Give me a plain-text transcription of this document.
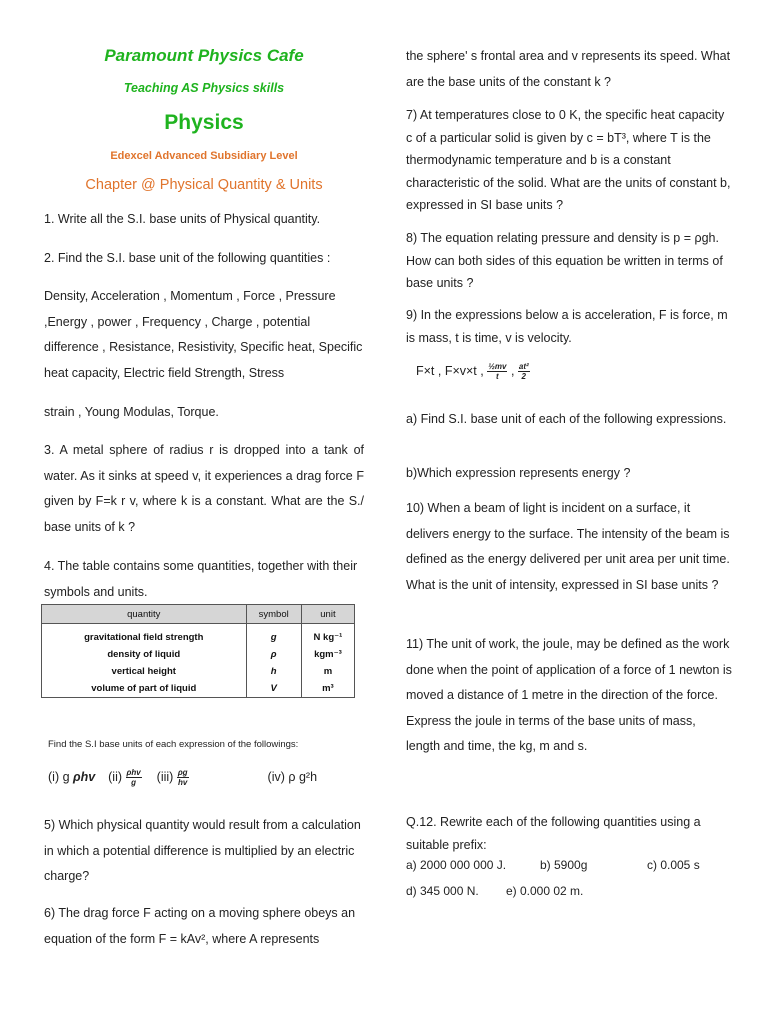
Paramount Physics Cafe
Teaching AS Physics skills
Physics
Edexcel Advanced Subsidiary Level
Chapter @ Physical Quantity & Units
1. Write all the S.I. base units of Physical quantity.
2. Find the S.I. base unit of the following quantities :
Density, Acceleration , Momentum , Force , Pressure ,Energy , power , Frequency , Charge , potential difference , Resistance, Resistivity, Specific heat, Specific heat capacity, Electric field Strength, Stress
strain , Young Modulas, Torque.
3. A metal sphere of radius r is dropped into a tank of water. As it sinks at speed v, it experiences a drag force F given by F=k r v, where k is a constant. What are the S./ base units of k ?
4. The table contains some quantities, together with their symbols and units.
quantity	symbol	unit
gravitational field strength	g	N kg⁻¹
density of liquid	ρ	kgm⁻³
vertical height	h	m
volume of part of liquid	V	m³
Find the S.I base units of each expression of the followings:
(i) g ρhv $(ii) \frac{\text{ρhv}}{g} (iii) \frac{\rho g}{hv}$	(iv) ρ g²h
5) Which physical quantity would result from a calculation in which a potential difference is multiplied by an electric charge?
6) The drag force F acting on a moving sphere obeys an equation of the form F = kAv², where A represents
the sphere' s frontal area and v represents its speed. What are the base units of the constant k ?
7) At temperatures close to 0 K, the specific heat capacity c of a particular solid is given by c = bT³, where T is the thermodynamic temperature and b is a constant characteristic of the solid. What are the units of constant b, expressed in SI base units ?
8) The equation relating pressure and density is p = ρgh. How can both sides of this equation be written in terms of base units ?
9) In the expressions below a is acceleration, F is force, m is mass, t is time, v is velocity.
F×t , F×v×t , $\frac{\text{½mv}}{t}$ , $\frac{\text{at²}}{2}$
a) Find S.I. base unit of each of the following expressions.
b)Which expression represents energy ?
10) When a beam of light is incident on a surface, it delivers energy to the surface. The intensity of the beam is defined as the energy delivered per unit area per unit time. What is the unit of intensity, expressed in SI base units ?
11) The unit of work, the joule, may be defined as the work done when the point of application of a force of 1 newton is moved a distance of 1 metre in the direction of the force. Express the joule in terms of the base units of mass, length and time, the kg, m and s.
Q.12. Rewrite each of the following quantities using a suitable prefix:
a) 2000 000 000 J.	b) 5900g	c) 0.005 s
d) 345 000 N. e) 0.000 02 m.
